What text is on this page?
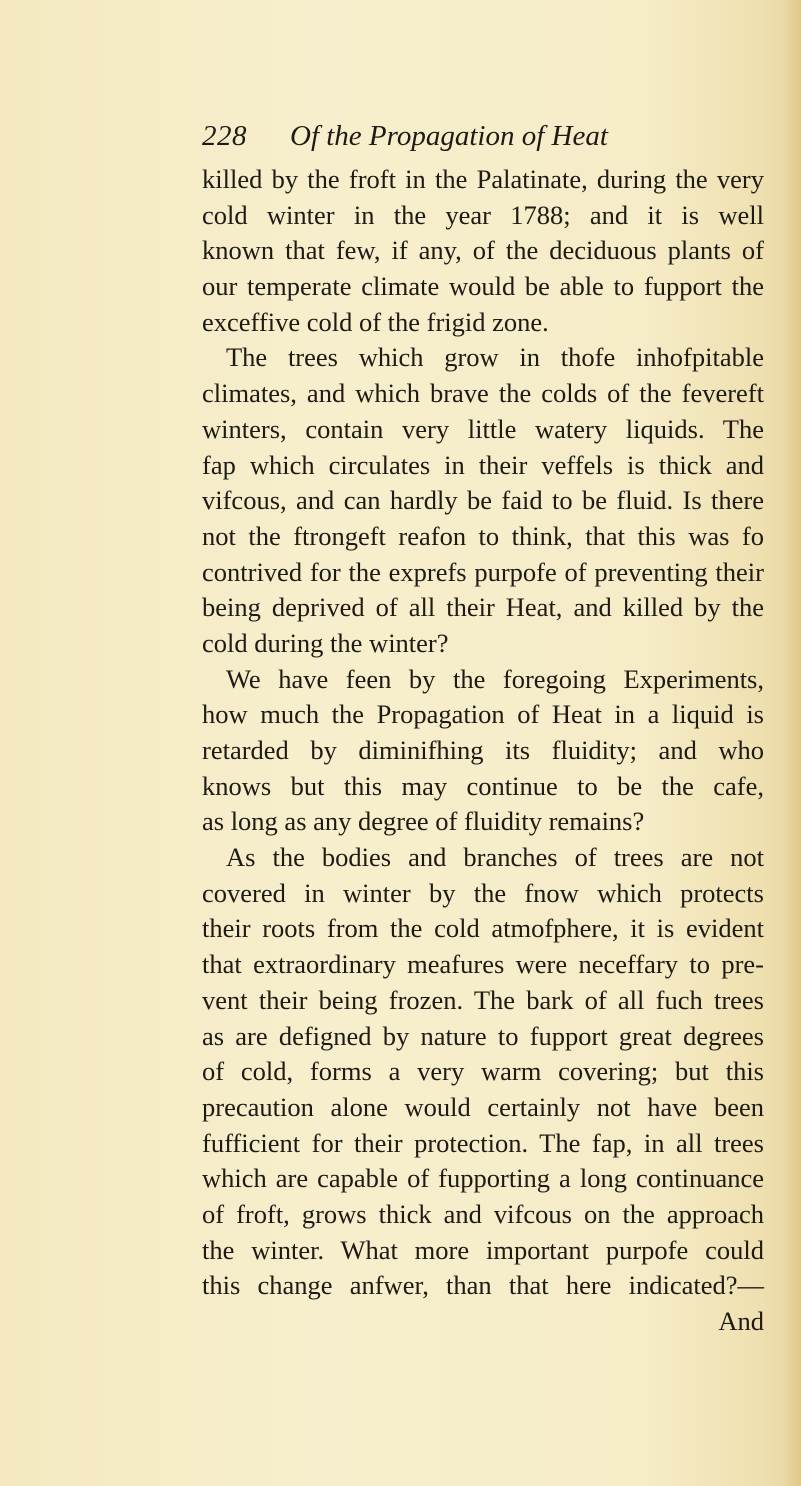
228 Of the Propagation of Heat
killed by the froft in the Palatinate, during the very
cold winter in the year 1788; and it is well
known that few, if any, of the deciduous plants of
our temperate climate would be able to fupport the
exceffive cold of the frigid zone.
The trees which grow in thofe inhofpitable
climates, and which brave the colds of the fevereft
winters, contain very little watery liquids. The
fap which circulates in their veffels is thick and
vifcous, and can hardly be faid to be fluid. Is there
not the ftrongeft reafon to think, that this was fo
contrived for the exprefs purpofe of preventing their
being deprived of all their Heat, and killed by the
cold during the winter?
We have feen by the foregoing Experiments,
how much the Propagation of Heat in a liquid is
retarded by diminifhing its fluidity; and who
knows but this may continue to be the cafe,
as long as any degree of fluidity remains?
As the bodies and branches of trees are not
covered in winter by the fnow which protects
their roots from the cold atmofphere, it is evident
that extraordinary meafures were neceffary to pre-
vent their being frozen. The bark of all fuch trees
as are defigned by nature to fupport great degrees
of cold, forms a very warm covering; but this
precaution alone would certainly not have been
fufficient for their protection. The fap, in all trees
which are capable of fupporting a long continuance
of froft, grows thick and vifcous on the approach
the winter. What more important purpofe could
this change anfwer, than that here indicated?—
And
